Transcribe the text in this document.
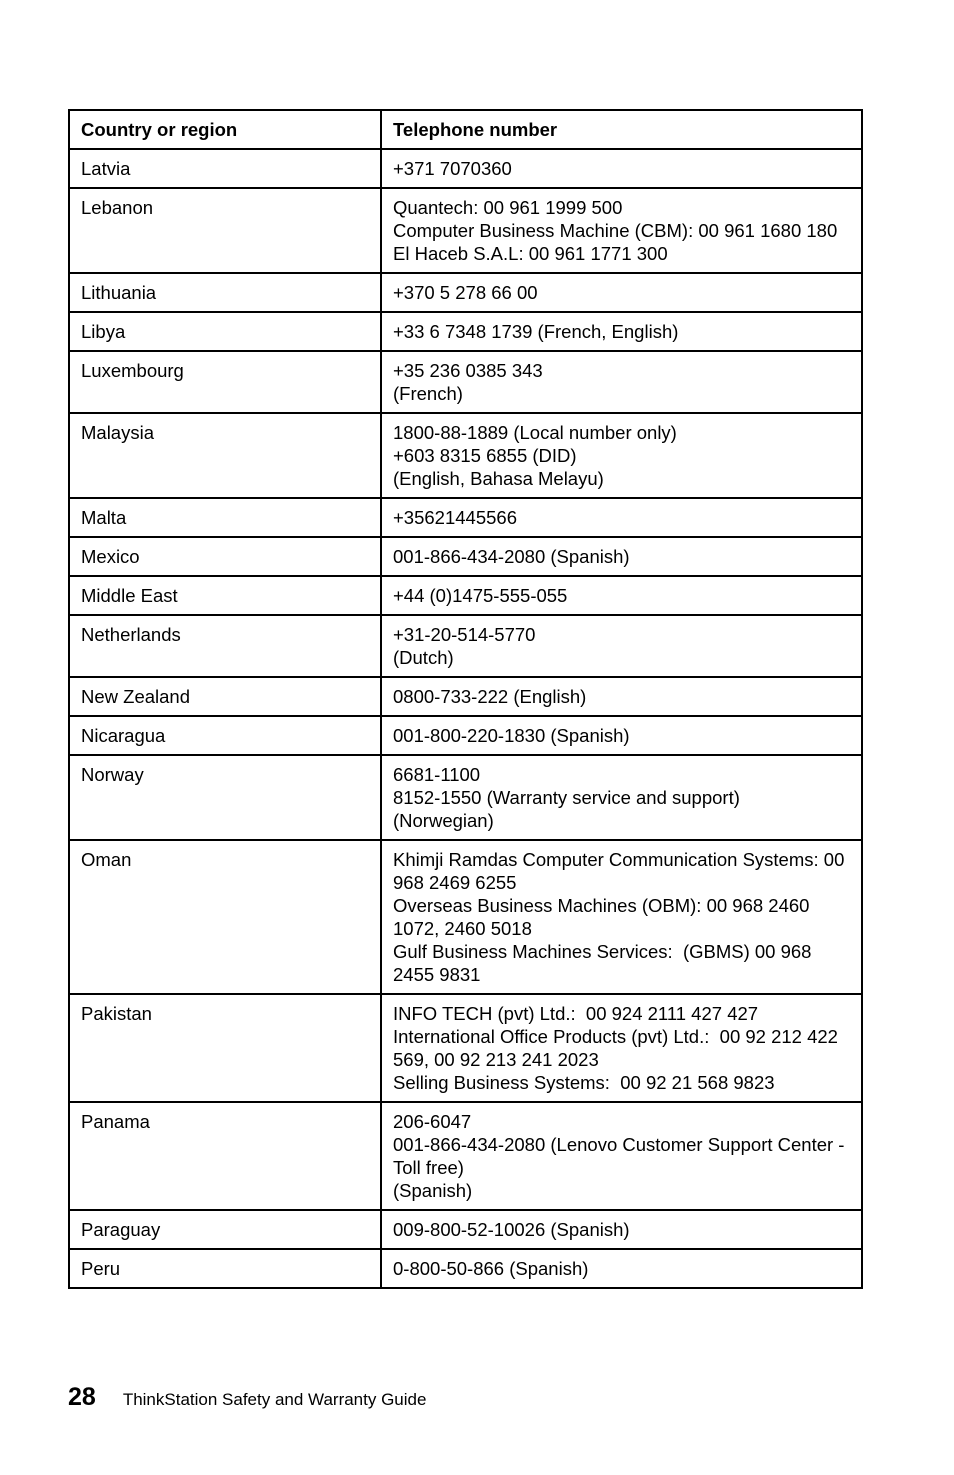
Country or region	Telephone number
Latvia	+371 7070360

Lebanon	Quantech: 00 961 1999 500
Computer Business Machine (CBM): 00 961 1680 180
El Haceb S.A.L: 00 961 1771 300

Lithuania	+370 5 278 66 00

Libya	+33 6 7348 1739 (French, English)

Luxembourg	+35 236 0385 343
(French)

Malaysia	1800-88-1889 (Local number only)
+603 8315 6855 (DID)
(English, Bahasa Melayu)

Malta	+35621445566

Mexico	001-866-434-2080 (Spanish)

Middle East	+44 (0)1475-555-055

Netherlands	+31-20-514-5770
(Dutch)

New Zealand	0800-733-222 (English)

Nicaragua	001-800-220-1830 (Spanish)

Norway	6681-1100
8152-1550 (Warranty service and support)
(Norwegian)

Oman	Khimji Ramdas Computer Communication Systems: 00 968 2469 6255
Overseas Business Machines (OBM): 00 968 2460 1072, 2460 5018
Gulf Business Machines Services:  (GBMS) 00 968 2455 9831

Pakistan	INFO TECH (pvt) Ltd.:  00 924 2111 427 427
International Office Products (pvt) Ltd.:  00 92 212 422 569, 00 92 213 241 2023
Selling Business Systems:  00 92 21 568 9823

Panama	206-6047
001-866-434-2080 (Lenovo Customer Support Center - Toll free)
(Spanish)

Paraguay	009-800-52-10026 (Spanish)

Peru	0-800-50-866 (Spanish)
28 ThinkStation Safety and Warranty Guide
